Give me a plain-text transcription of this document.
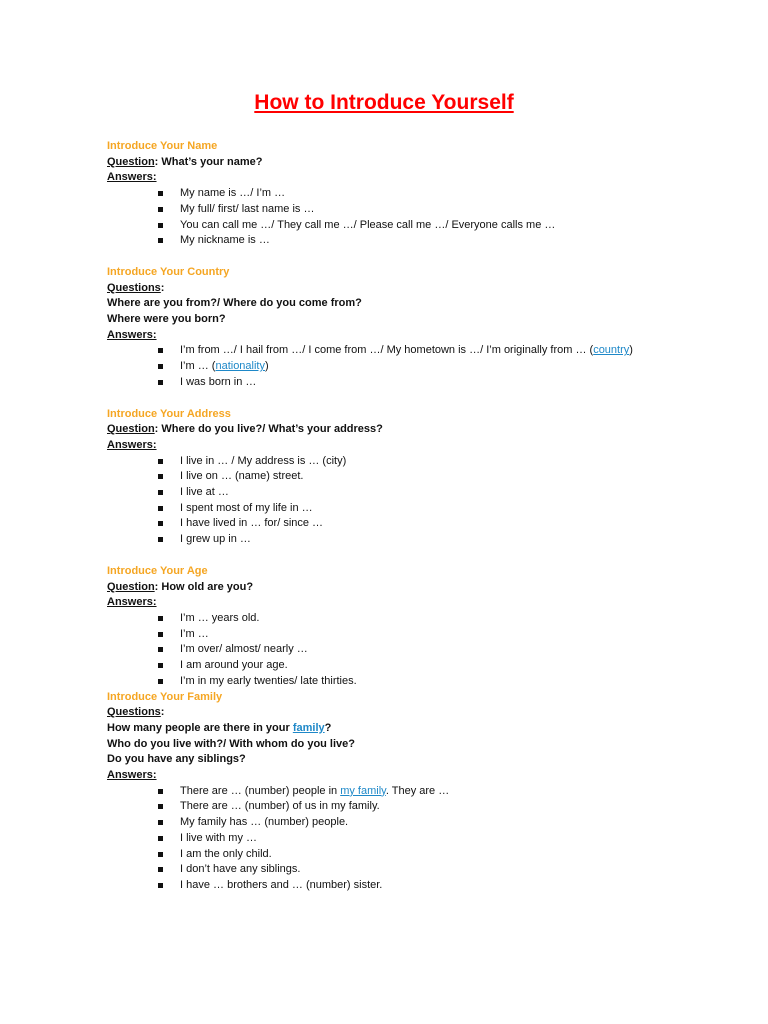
How to Introduce Yourself
Introduce Your Name
Question: What’s your name?
Answers:
My name is …/ I’m …
My full/ first/ last name is …
You can call me …/ They call me …/ Please call me …/ Everyone calls me …
My nickname is …
Introduce Your Country
Questions:
Where are you from?/ Where do you come from?
Where were you born?
Answers:
I’m from …/ I hail from …/ I come from …/ My hometown is …/ I’m originally from … (country)
I’m … (nationality)
I was born in …
Introduce Your Address
Question: Where do you live?/ What’s your address?
Answers:
I live in … / My address is … (city)
I live on … (name) street.
I live at …
I spent most of my life in …
I have lived in … for/ since …
I grew up in …
Introduce Your Age
Question: How old are you?
Answers:
I’m … years old.
I’m …
I’m over/ almost/ nearly …
I am around your age.
I’m in my early twenties/ late thirties.
Introduce Your Family
Questions:
How many people are there in your family?
Who do you live with?/ With whom do you live?
Do you have any siblings?
Answers:
There are … (number) people in my family. They are …
There are … (number) of us in my family.
My family has … (number) people.
I live with my …
I am the only child.
I don’t have any siblings.
I have … brothers and … (number) sister.
